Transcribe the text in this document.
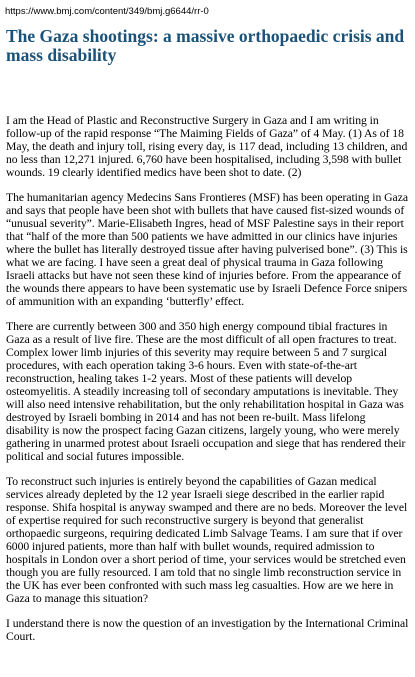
https://www.bmj.com/content/349/bmj.g6644/rr-0
The Gaza shootings: a massive orthopaedic crisis and mass disability

I am the Head of Plastic and Reconstructive Surgery in Gaza and I am writing in follow-up of the rapid response “The Maiming Fields of Gaza” of 4 May. (1) As of 18 May, the death and injury toll, rising every day, is 117 dead, including 13 children, and no less than 12,271 injured. 6,760 have been hospitalised, including 3,598 with bullet wounds. 19 clearly identified medics have been shot to date. (2)

The humanitarian agency Medecins Sans Frontieres (MSF) has been operating in Gaza and says that people have been shot with bullets that have caused fist-sized wounds of “unusual severity”. Marie-Elisabeth Ingres, head of MSF Palestine says in their report that “half of the more than 500 patients we have admitted in our clinics have injuries where the bullet has literally destroyed tissue after having pulverised bone”. (3) This is what we are facing. I have seen a great deal of physical trauma in Gaza following Israeli attacks but have not seen these kind of injuries before. From the appearance of the wounds there appears to have been systematic use by Israeli Defence Force snipers of ammunition with an expanding ‘butterfly’ effect.

There are currently between 300 and 350 high energy compound tibial fractures in Gaza as a result of live fire. These are the most difficult of all open fractures to treat. Complex lower limb injuries of this severity may require between 5 and 7 surgical procedures, with each operation taking 3-6 hours. Even with state-of-the-art reconstruction, healing takes 1-2 years. Most of these patients will develop osteomyelitis. A steadily increasing toll of secondary amputations is inevitable. They will also need intensive rehabilitation, but the only rehabilitation hospital in Gaza was destroyed by Israeli bombing in 2014 and has not been re-built. Mass lifelong disability is now the prospect facing Gazan citizens, largely young, who were merely gathering in unarmed protest about Israeli occupation and siege that has rendered their political and social futures impossible.

To reconstruct such injuries is entirely beyond the capabilities of Gazan medical services already depleted by the 12 year Israeli siege described in the earlier rapid response. Shifa hospital is anyway swamped and there are no beds. Moreover the level of expertise required for such reconstructive surgery is beyond that generalist orthopaedic surgeons, requiring dedicated Limb Salvage Teams. I am sure that if over 6000 injured patients, more than half with bullet wounds, required admission to hospitals in London over a short period of time, your services would be stretched even though you are fully resourced. I am told that no single limb reconstruction service in the UK has ever been confronted with such mass leg casualties. How are we here in Gaza to manage this situation?

I understand there is now the question of an investigation by the International Criminal Court.
